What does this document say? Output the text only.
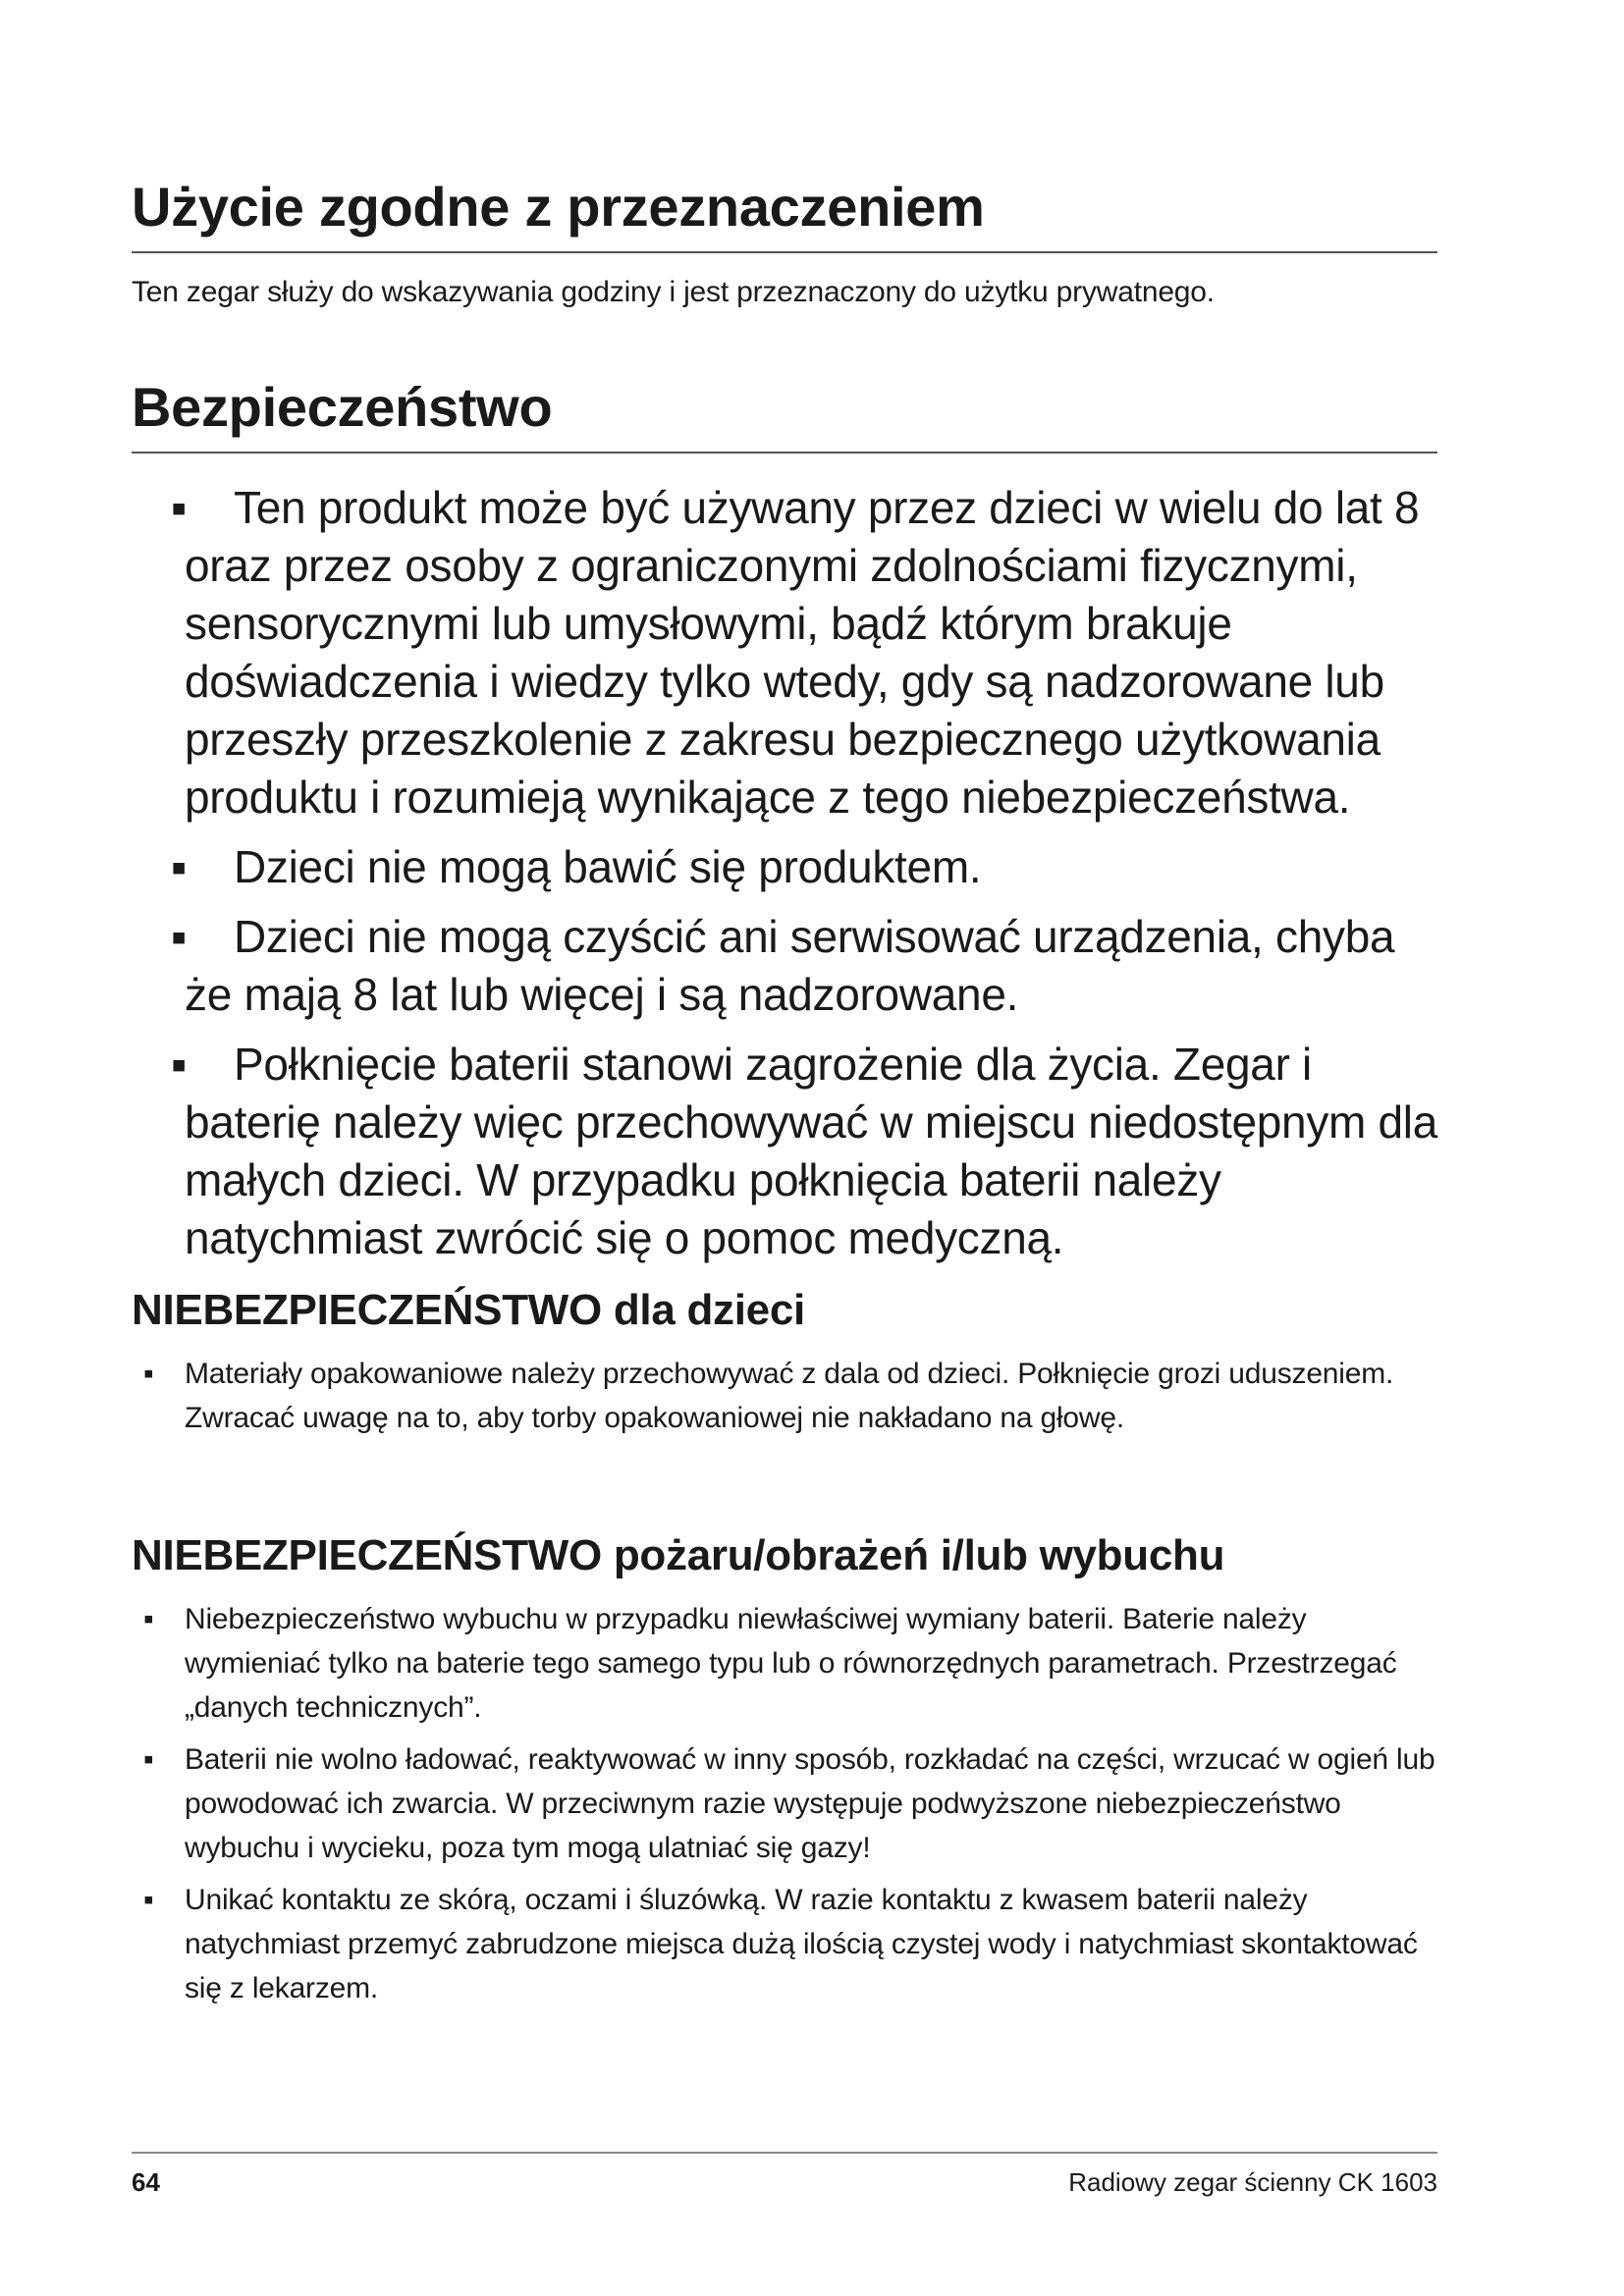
Użycie zgodne z przeznaczeniem

Ten zegar służy do wskazywania godziny i jest przeznaczony do użytku prywatnego.

Bezpieczeństwo
▪	Ten produkt może być używany przez dzieci w wielu do lat 8 oraz przez osoby z ograniczonymi zdolnościami fizycznymi, sensorycznymi lub umysłowymi, bądź którym brakuje doświadczenia i wiedzy tylko wtedy, gdy są nadzorowane lub przeszły przeszkolenie z zakresu bezpiecznego użytkowania produktu i rozumieją wynikające z tego niebezpieczeństwa.
▪	Dzieci nie mogą bawić się produktem.
▪	Dzieci nie mogą czyścić ani serwisować urządzenia, chyba że mają 8 lat lub więcej i są nadzorowane.
▪	Połknięcie baterii stanowi zagrożenie dla życia. Zegar i baterię należy więc przechowywać w miejscu niedostępnym dla małych dzieci. W przypadku połknięcia baterii należy natychmiast zwrócić się o pomoc medyczną.
NIEBEZPIECZEŃSTWO dla dzieci
▪ Materiały opakowaniowe należy przechowywać z dala od dzieci. Połknięcie grozi uduszeniem. Zwracać uwagę na to, aby torby opakowaniowej nie nakładano na głowę.
NIEBEZPIECZEŃSTWO pożaru/obrażeń i/lub wybuchu
▪ Niebezpieczeństwo wybuchu w przypadku niewłaściwej wymiany baterii. Baterie należy wymieniać tylko na baterie tego samego typu lub o równorzędnych parametrach. Przestrzegać „danych technicznych”.
▪ Baterii nie wolno ładować, reaktywować w inny sposób, rozkładać na części, wrzucać w ogień lub powodować ich zwarcia. W przeciwnym razie występuje podwyższone niebezpieczeństwo wybuchu i wycieku, poza tym mogą ulatniać się gazy!
▪ Unikać kontaktu ze skórą, oczami i śluzówką. W razie kontaktu z kwasem baterii należy natychmiast przemyć zabrudzone miejsca dużą ilością czystej wody i natychmiast skontaktować się z lekarzem.
64	Radiowy zegar ścienny CK 1603
